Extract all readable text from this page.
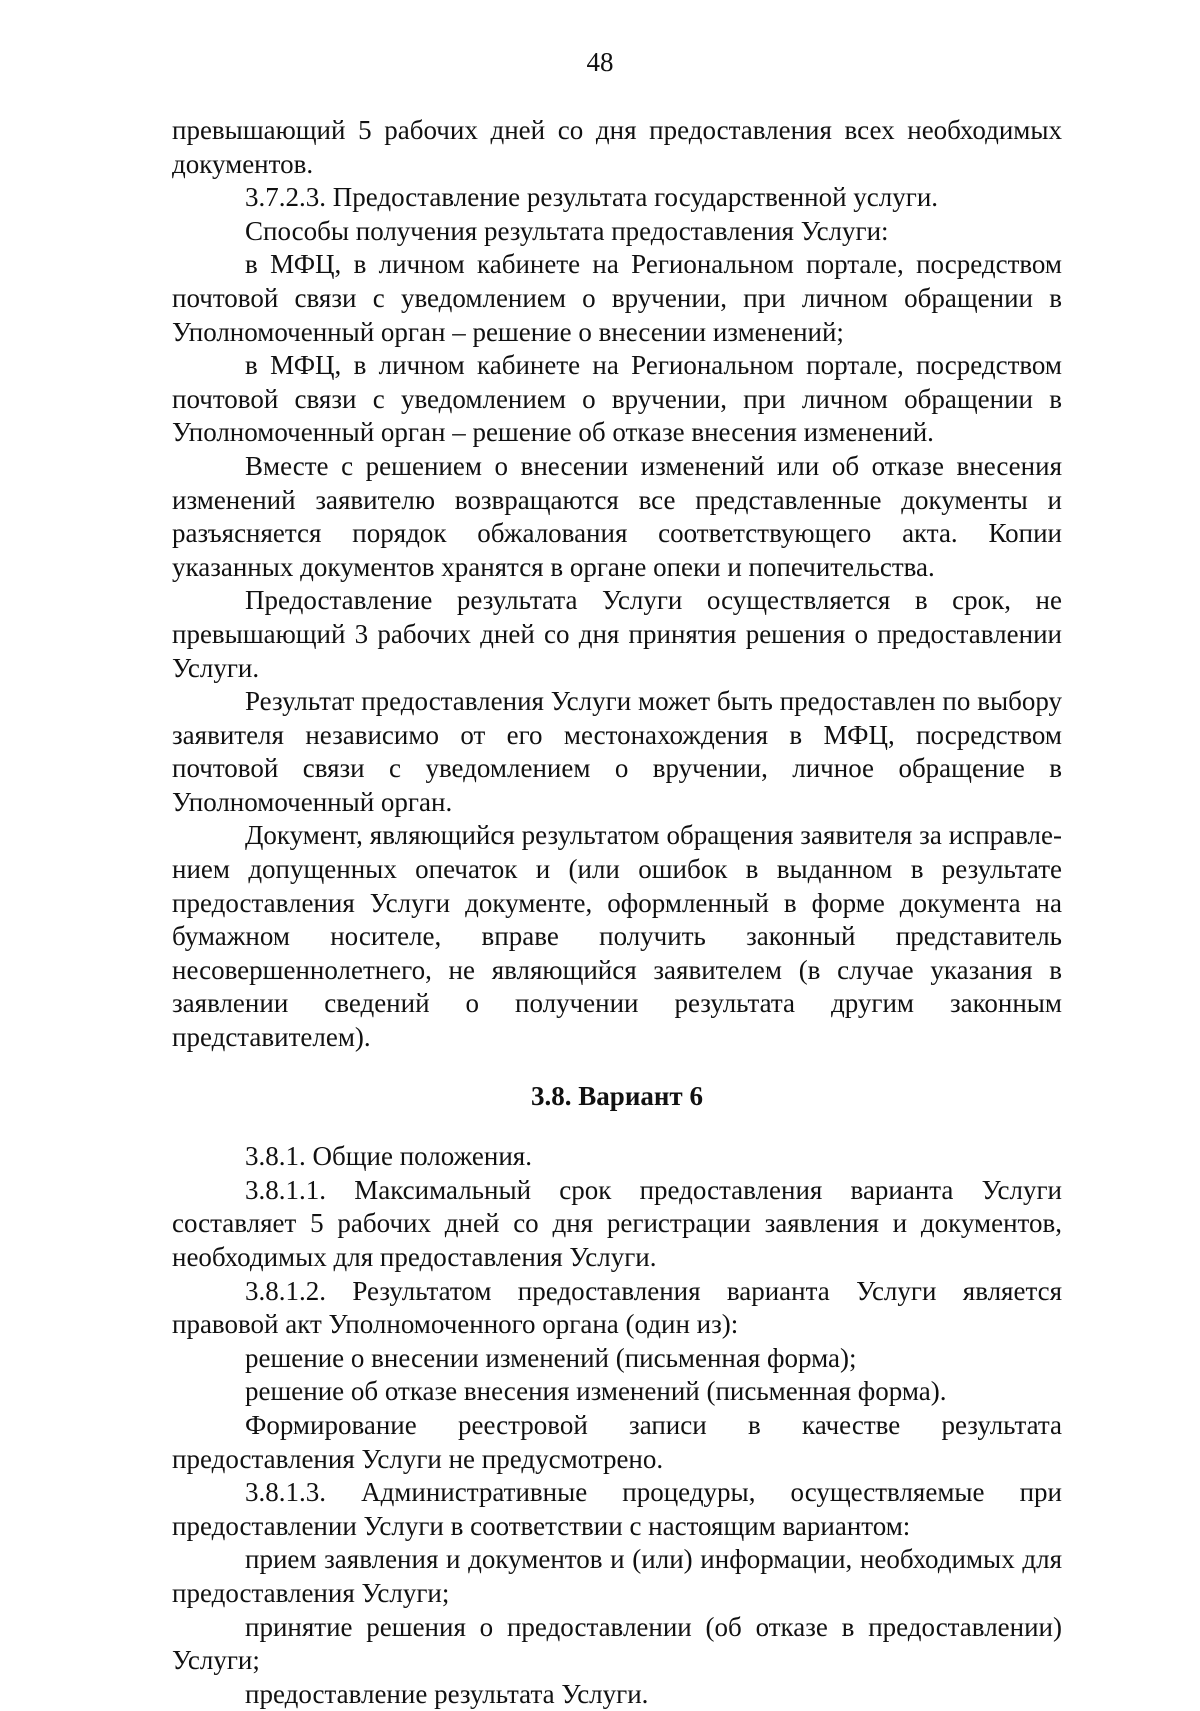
48

превышающий 5 рабочих дней со дня предоставления всех необходимых документов.

3.7.2.3. Предоставление результата государственной услуги.

Способы получения результата предоставления Услуги:

в МФЦ, в личном кабинете на Региональном портале, посредством почтовой связи с уведомлением о вручении, при личном обращении в Уполномоченный орган – решение о внесении изменений;

в МФЦ, в личном кабинете на Региональном портале, посредством почтовой связи с уведомлением о вручении, при личном обращении в Уполномоченный орган – решение об отказе внесения изменений.

Вместе с решением о внесении изменений или об отказе внесения изменений заявителю возвращаются все представленные документы и разъясняется порядок обжалования соответствующего акта. Копии указанных документов хранятся в органе опеки и попечительства.

Предоставление результата Услуги осуществляется в срок, не превышающий 3 рабочих дней со дня принятия решения о предоставлении Услуги.

Результат предоставления Услуги может быть предоставлен по выбору заявителя независимо от его местонахождения в МФЦ, посредством почтовой связи с уведомлением о вручении, личное обращение в Уполномоченный орган.

Документ, являющийся результатом обращения заявителя за исправлением допущенных опечаток и (или ошибок в выданном в результате предоставления Услуги документе, оформленный в форме документа на бумажном носителе, вправе получить законный представитель несовершеннолетнего, не являющийся заявителем (в случае указания в заявлении сведений о получении результата другим законным представителем).

3.8. Вариант 6

3.8.1. Общие положения.

3.8.1.1. Максимальный срок предоставления варианта Услуги составляет 5 рабочих дней со дня регистрации заявления и документов, необходимых для предоставления Услуги.

3.8.1.2. Результатом предоставления варианта Услуги является правовой акт Уполномоченного органа (один из):

решение о внесении изменений (письменная форма);

решение об отказе внесения изменений (письменная форма).

Формирование реестровой записи в качестве результата предоставления Услуги не предусмотрено.

3.8.1.3. Административные процедуры, осуществляемые при предоставлении Услуги в соответствии с настоящим вариантом:

прием заявления и документов и (или) информации, необходимых для предоставления Услуги;

принятие решения о предоставлении (об отказе в предоставлении) Услуги;

предоставление результата Услуги.
